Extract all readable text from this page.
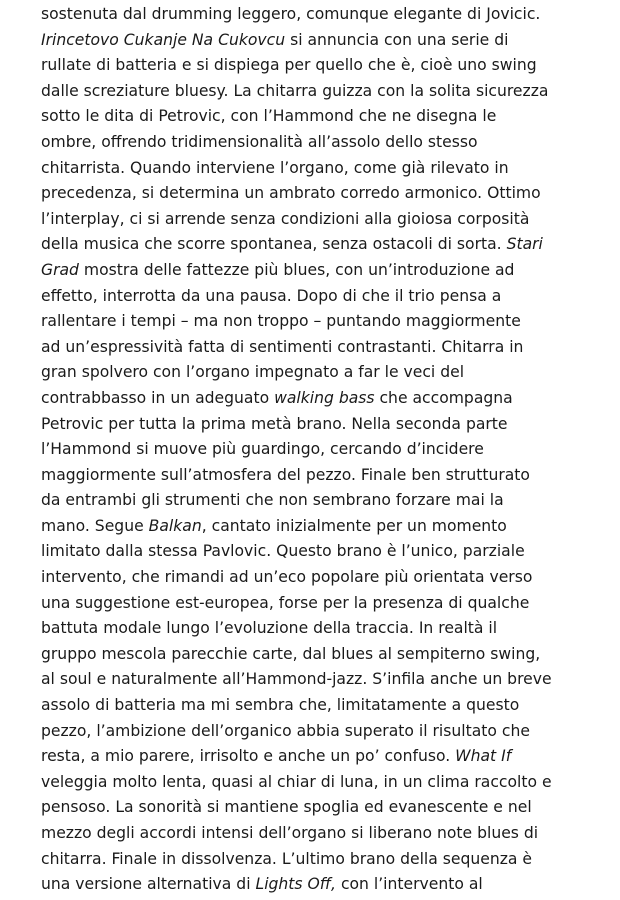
sostenuta dal drumming leggero, comunque elegante di Jovicic.
Irincetovo Cukanje Na Cukovcu si annuncia con una serie di
rullate di batteria e si dispiega per quello che è, cioè uno swing
dalle screziature bluesy. La chitarra guizza con la solita sicurezza
sotto le dita di Petrovic, con l’Hammond che ne disegna le
ombre, offrendo tridimensionalità all’assolo dello stesso
chitarrista. Quando interviene l’organo, come già rilevato in
precedenza, si determina un ambrato corredo armonico. Ottimo
l’interplay, ci si arrende senza condizioni alla gioiosa corposità
della musica che scorre spontanea, senza ostacoli di sorta. Stari
Grad mostra delle fattezze più blues, con un’introduzione ad
effetto, interrotta da una pausa. Dopo di che il trio pensa a
rallentare i tempi – ma non troppo – puntando maggiormente
ad un’espressività fatta di sentimenti contrastanti. Chitarra in
gran spolvero con l’organo impegnato a far le veci del
contrabbasso in un adeguato walking bass che accompagna
Petrovic per tutta la prima metà brano. Nella seconda parte
l’Hammond si muove più guardingo, cercando d’incidere
maggiormente sull’atmosfera del pezzo. Finale ben strutturato
da entrambi gli strumenti che non sembrano forzare mai la
mano. Segue Balkan, cantato inizialmente per un momento
limitato dalla stessa Pavlovic. Questo brano è l’unico, parziale
intervento, che rimandi ad un’eco popolare più orientata verso
una suggestione est-europea, forse per la presenza di qualche
battuta modale lungo l’evoluzione della traccia. In realtà il
gruppo mescola parecchie carte, dal blues al sempiterno swing,
al soul e naturalmente all’Hammond-jazz. S’infila anche un breve
assolo di batteria ma mi sembra che, limitatamente a questo
pezzo, l’ambizione dell’organico abbia superato il risultato che
resta, a mio parere, irrisolto e anche un po’ confuso. What If
veleggia molto lenta, quasi al chiar di luna, in un clima raccolto e
pensoso. La sonorità si mantiene spoglia ed evanescente e nel
mezzo degli accordi intensi dell’organo si liberano note blues di
chitarra. Finale in dissolvenza. L’ultimo brano della sequenza è
una versione alternativa di Lights Off, con l’intervento al
